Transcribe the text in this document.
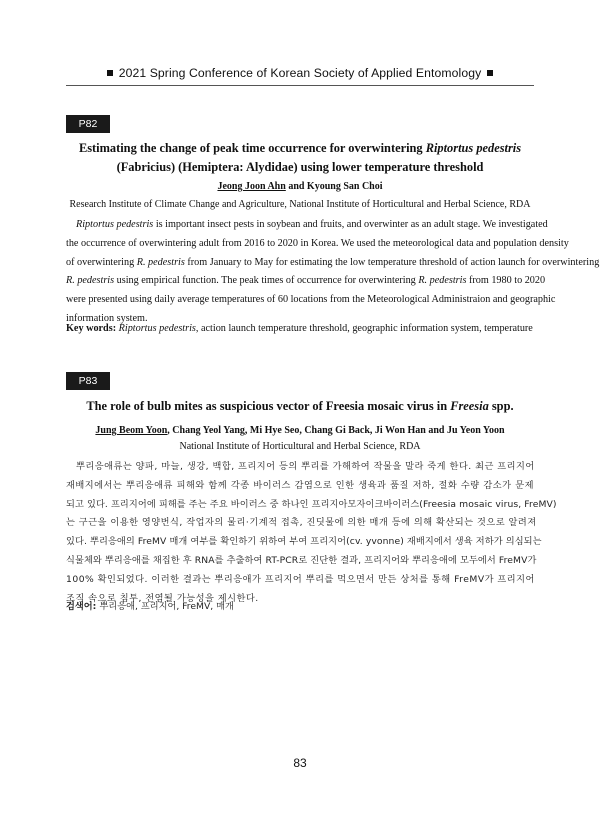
2021 Spring Conference of Korean Society of Applied Entomology
P82
Estimating the change of peak time occurrence for overwintering Riptortus pedestris
(Fabricius) (Hemiptera: Alydidae) using lower temperature threshold
Jeong Joon Ahn and Kyoung San Choi
Research Institute of Climate Change and Agriculture, National Institute of Horticultural and Herbal Science, RDA
Riptortus pedestris is important insect pests in soybean and fruits, and overwinter as an adult stage. We investigated
the occurrence of overwintering adult from 2016 to 2020 in Korea. We used the meteorological data and population density
of overwintering R. pedestris from January to May for estimating the low temperature threshold of action launch for overwintering
R. pedestris using empirical function. The peak times of occurrence for overwintering R. pedestris from 1980 to 2020
were presented using daily average temperatures of 60 locations from the Meteorological Administraion and geographic
information system.
Key words: Riptortus pedestris, action launch temperature threshold, geographic information system, temperature
P83
The role of bulb mites as suspicious vector of Freesia mosaic virus in Freesia spp.
Jung Beom Yoon, Chang Yeol Yang, Mi Hye Seo, Chang Gi Back, Ji Won Han and Ju Yeon Yoon
National Institute of Horticultural and Herbal Science, RDA
뿌리응애류는 양파, 마늘, 생강, 백합, 프리지어 등의 뿌리를 가해하여 작물을 말라 죽게 한다. 최근 프리지어
재배지에서는 뿌리응애류 피해와 함께 각종 바이러스 감염으로 인한 생육과 품질 저하, 절화 수량 감소가 문제
되고 있다. 프리지어에 피해를 주는 주요 바이러스 중 하나인 프리지아모자이크바이러스(Freesia mosaic virus, FreMV)
는 구근을 이용한 영양번식, 작업자의 물리·기계적 접촉, 진딧물에 의한 매개 등에 의해 확산되는 것으로 알려져
있다. 뿌리응애의 FreMV 매개 여부를 확인하기 위하여 부여 프리지어(cv. yvonne) 재배지에서 생육 저하가 의심되는
식물체와 뿌리응애를 채집한 후 RNA를 추출하여 RT-PCR로 진단한 결과, 프리지어와 뿌리응애에 모두에서 FreMV가
100% 확인되었다. 이러한 결과는 뿌리응애가 프리지어 뿌리를 먹으면서 만든 상처를 통해 FreMV가 프리지어
조직 속으로 침투, 전염될 가능성을 제시한다.
검색어: 뿌리응애, 프리지어, FreMV, 매개
83
